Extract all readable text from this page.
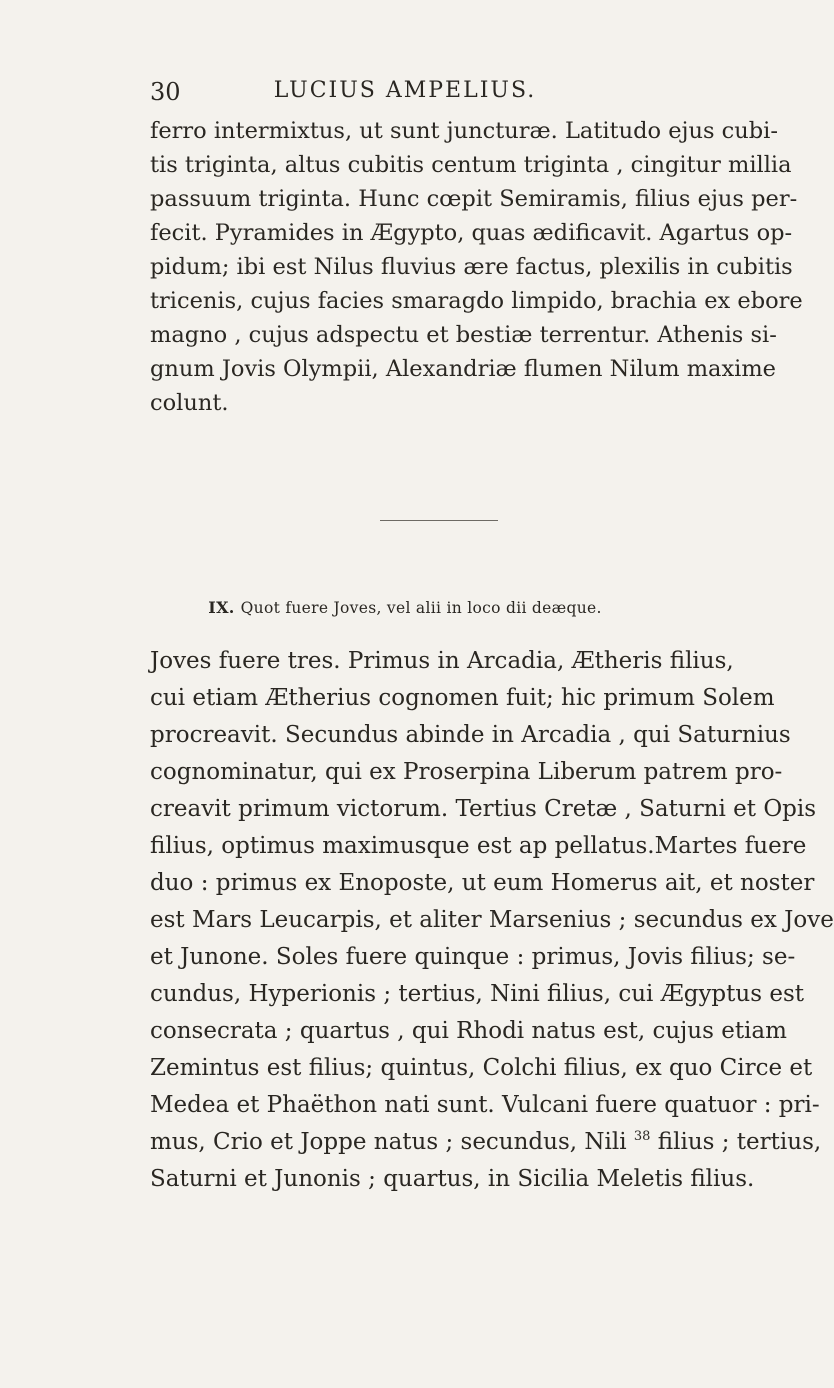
30	LUCIUS AMPELIUS.
ferro intermixtus, ut sunt juncturæ. Latitudo ejus cubi-
tis triginta, altus cubitis centum triginta , cingitur millia
passuum triginta. Hunc cœpit Semiramis, filius ejus per-
fecit. Pyramides in Ægypto, quas ædificavit. Agartus op-
pidum; ibi est Nilus fluvius ære factus, plexilis in cubitis
tricenis, cujus facies smaragdo limpido, brachia ex ebore
magno , cujus adspectu et bestiæ terrentur. Athenis si-
gnum Jovis Olympii, Alexandriæ flumen Nilum maxime
colunt.
IX. Quot fuere Joves, vel alii in loco dii deæque.
Joves fuere tres. Primus in Arcadia, Ætheris filius,
cui etiam Ætherius cognomen fuit; hic primum Solem
procreavit. Secundus abinde in Arcadia , qui Saturnius
cognominatur, qui ex Proserpina Liberum patrem pro-
creavit primum victorum. Tertius Cretæ , Saturni et Opis
filius, optimus maximusque est ap pellatus.Martes fuere
duo : primus ex Enoposte, ut eum Homerus ait, et noster
est Mars Leucarpis, et aliter Marsenius ; secundus ex Jove
et Junone. Soles fuere quinque : primus, Jovis filius; se-
cundus, Hyperionis ; tertius, Nini filius, cui Ægyptus est
consecrata ; quartus , qui Rhodi natus est, cujus etiam
Zemintus est filius; quintus, Colchi filius, ex quo Circe et
Medea et Phaëthon nati sunt. Vulcani fuere quatuor : pri-
mus, Crio et Joppe natus ; secundus, Nili $^{38}$ filius ; tertius,
Saturni et Junonis ; quartus, in Sicilia Meletis filius.
